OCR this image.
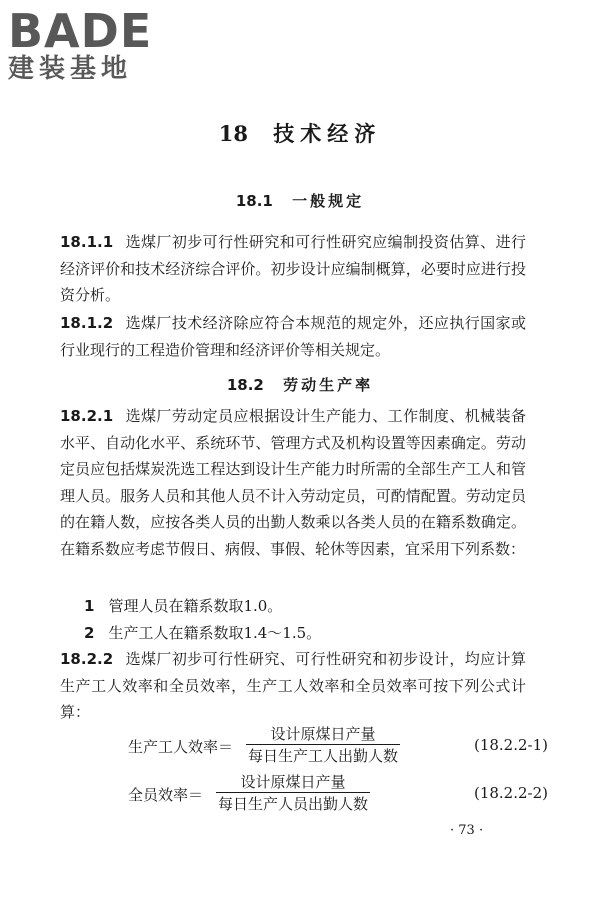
BADE
建装基地
18 技术经济
18.1 一般规定
18.1.1 选煤厂初步可行性研究和可行性研究应编制投资估算、进行经济评价和技术经济综合评价。初步设计应编制概算，必要时应进行投资分析。
18.1.2 选煤厂技术经济除应符合本规范的规定外，还应执行国家或行业现行的工程造价管理和经济评价等相关规定。
18.2 劳动生产率
18.2.1 选煤厂劳动定员应根据设计生产能力、工作制度、机械装备水平、自动化水平、系统环节、管理方式及机构设置等因素确定。劳动定员应包括煤炭洗选工程达到设计生产能力时所需的全部生产工人和管理人员。服务人员和其他人员不计入劳动定员，可酌情配置。劳动定员的在籍人数，应按各类人员的出勤人数乘以各类人员的在籍系数确定。在籍系数应考虑节假日、病假、事假、轮休等因素，宜采用下列系数：
1 管理人员在籍系数取1.0。
2 生产工人在籍系数取1.4～1.5。
18.2.2 选煤厂初步可行性研究、可行性研究和初步设计，均应计算生产工人效率和全员效率，生产工人效率和全员效率可按下列公式计算：
生产工人效率＝
设计原煤日产量
每日生产工人出勤人数
(18.2.2-1)
全员效率＝
设计原煤日产量
每日生产人员出勤人数
(18.2.2-2)
· 73 ·
